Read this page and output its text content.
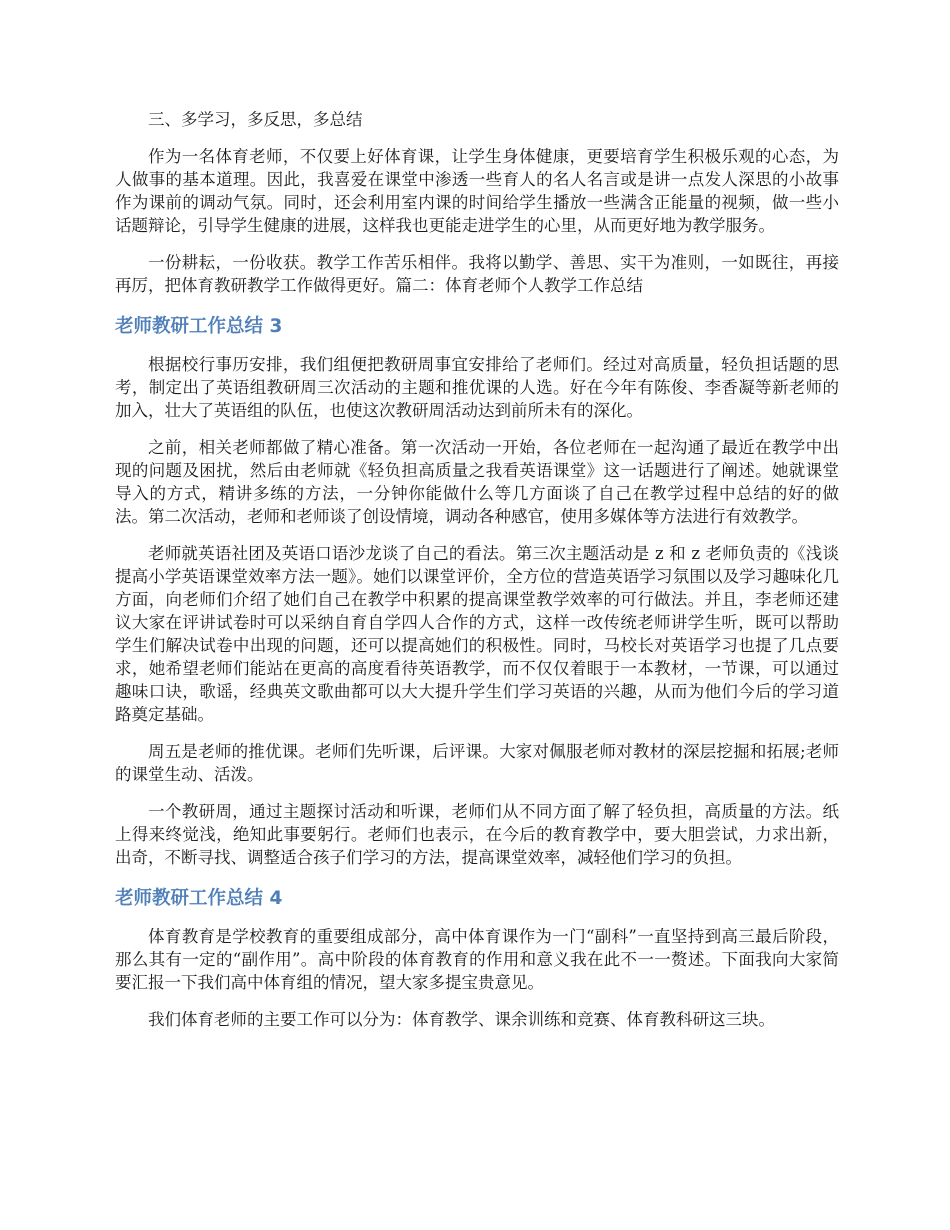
三、多学习，多反思，多总结

作为一名体育老师，不仅要上好体育课，让学生身体健康，更要培育学生积极乐观的心态，为人做事的基本道理。因此，我喜爱在课堂中渗透一些育人的名人名言或是讲一点发人深思的小故事作为课前的调动气氛。同时，还会利用室内课的时间给学生播放一些满含正能量的视频，做一些小话题辩论，引导学生健康的进展，这样我也更能走进学生的心里，从而更好地为教学服务。

一份耕耘，一份收获。教学工作苦乐相伴。我将以勤学、善思、实干为准则，一如既往，再接再厉，把体育教研教学工作做得更好。篇二：体育老师个人教学工作总结

老师教研工作总结 3

根据校行事历安排，我们组便把教研周事宜安排给了老师们。经过对高质量，轻负担话题的思考，制定出了英语组教研周三次活动的主题和推优课的人选。好在今年有陈俊、李香凝等新老师的加入，壮大了英语组的队伍，也使这次教研周活动达到前所未有的深化。

之前，相关老师都做了精心准备。第一次活动一开始，各位老师在一起沟通了最近在教学中出现的问题及困扰，然后由老师就《轻负担高质量之我看英语课堂》这一话题进行了阐述。她就课堂导入的方式，精讲多练的方法，一分钟你能做什么等几方面谈了自己在教学过程中总结的好的做法。第二次活动，老师和老师谈了创设情境，调动各种感官，使用多媒体等方法进行有效教学。

老师就英语社团及英语口语沙龙谈了自己的看法。第三次主题活动是 z 和 z 老师负责的《浅谈提高小学英语课堂效率方法一题》。她们以课堂评价，全方位的营造英语学习氛围以及学习趣味化几方面，向老师们介绍了她们自己在教学中积累的提高课堂教学效率的可行做法。并且，李老师还建议大家在评讲试卷时可以采纳自育自学四人合作的方式，这样一改传统老师讲学生听，既可以帮助学生们解决试卷中出现的问题，还可以提高她们的积极性。同时，马校长对英语学习也提了几点要求，她希望老师们能站在更高的高度看待英语教学，而不仅仅着眼于一本教材，一节课，可以通过趣味口诀，歌谣，经典英文歌曲都可以大大提升学生们学习英语的兴趣，从而为他们今后的学习道路奠定基础。

周五是老师的推优课。老师们先听课，后评课。大家对佩服老师对教材的深层挖掘和拓展;老师的课堂生动、活泼。

一个教研周，通过主题探讨活动和听课，老师们从不同方面了解了轻负担，高质量的方法。纸上得来终觉浅，绝知此事要躬行。老师们也表示，在今后的教育教学中，要大胆尝试，力求出新，出奇，不断寻找、调整适合孩子们学习的方法，提高课堂效率，减轻他们学习的负担。

老师教研工作总结 4

体育教育是学校教育的重要组成部分，高中体育课作为一门“副科”一直坚持到高三最后阶段，那么其有一定的“副作用”。高中阶段的体育教育的作用和意义我在此不一一赘述。下面我向大家简要汇报一下我们高中体育组的情况，望大家多提宝贵意见。

我们体育老师的主要工作可以分为：体育教学、课余训练和竞赛、体育教科研这三块。
